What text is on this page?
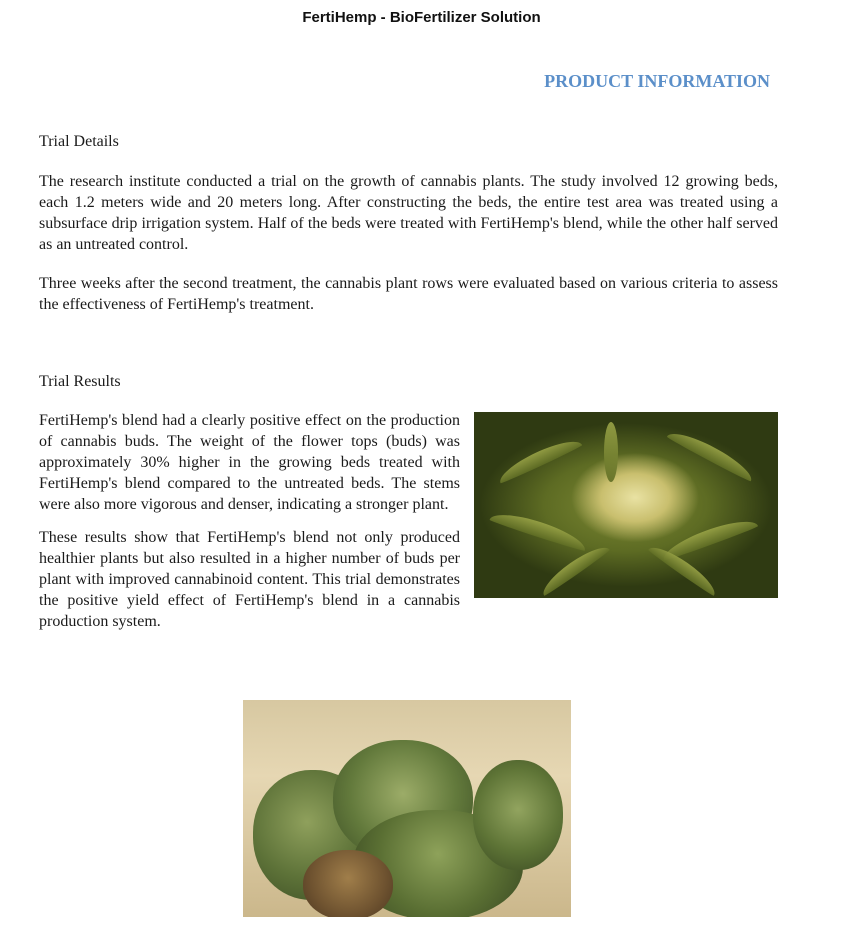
FertiHemp - BioFertilizer Solution
PRODUCT INFORMATION
Trial Details

The research institute conducted a trial on the growth of cannabis plants. The study involved 12 growing beds, each 1.2 meters wide and 20 meters long. After constructing the beds, the entire test area was treated using a subsurface drip irrigation system. Half of the beds were treated with FertiHemp's blend, while the other half served as an untreated control.

Three weeks after the second treatment, the cannabis plant rows were evaluated based on various criteria to assess the effectiveness of FertiHemp's treatment.

Trial Results

FertiHemp's blend had a clearly positive effect on the production of cannabis buds. The weight of the flower tops (buds) was approximately 30% higher in the growing beds treated with FertiHemp's blend compared to the untreated beds. The stems were also more vigorous and denser, indicating a stronger plant.

These results show that FertiHemp's blend not only produced healthier plants but also resulted in a higher number of buds per plant with improved cannabinoid content. This trial demonstrates the positive yield effect of FertiHemp's blend in a cannabis production system.
